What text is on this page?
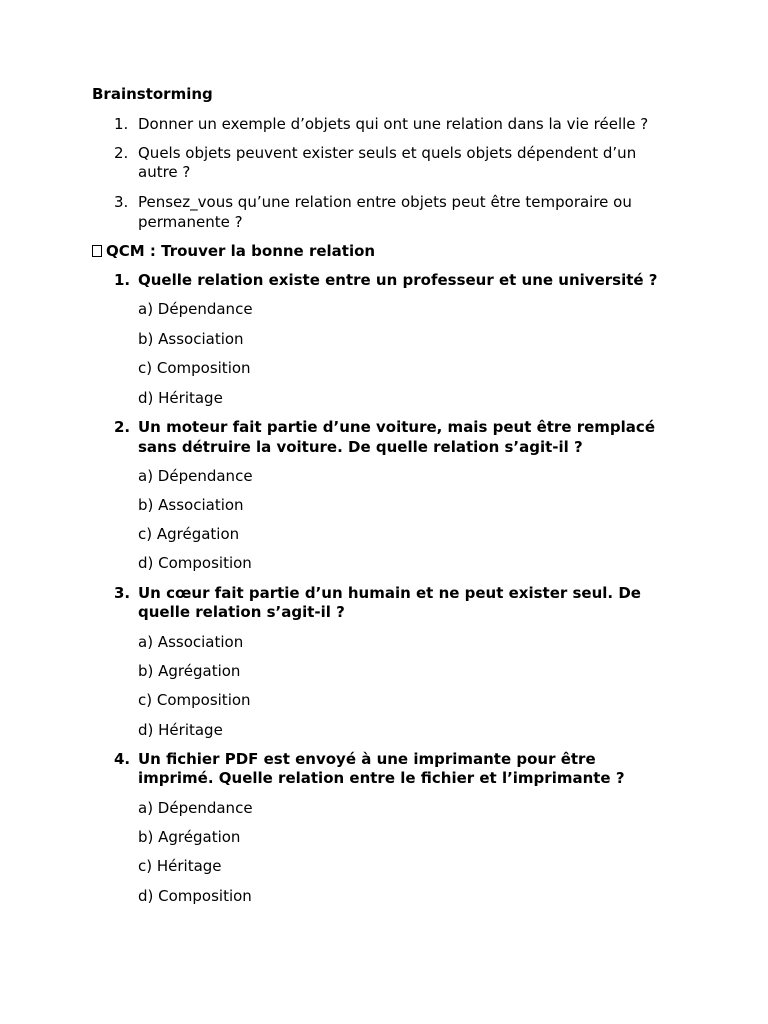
Brainstorming
1. Donner un exemple d’objets qui ont une relation dans la vie réelle ?
2. Quels objets peuvent exister seuls et quels objets dépendent d’un
autre ?
3. Pensez_vous qu’une relation entre objets peut être temporaire ou
permanente ?
QCM : Trouver la bonne relation
1. Quelle relation existe entre un professeur et une université ?
a) Dépendance
b) Association
c) Composition
d) Héritage
2. Un moteur fait partie d’une voiture, mais peut être remplacé
sans détruire la voiture. De quelle relation s’agit-il ?
a) Dépendance
b) Association
c) Agrégation
d) Composition
3. Un cœur fait partie d’un humain et ne peut exister seul. De
quelle relation s’agit-il ?
a) Association
b) Agrégation
c) Composition
d) Héritage
4. Un fichier PDF est envoyé à une imprimante pour être
imprimé. Quelle relation entre le fichier et l’imprimante ?
a) Dépendance
b) Agrégation
c) Héritage
d) Composition
